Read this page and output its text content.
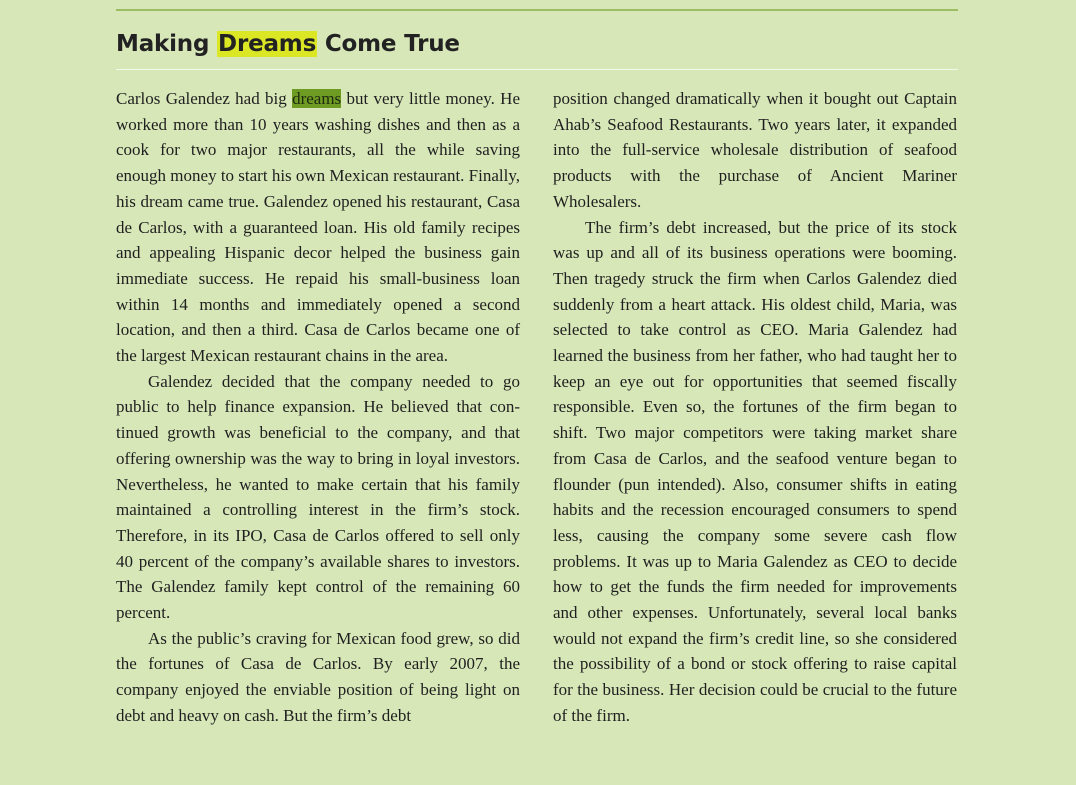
Making Dreams Come True

Carlos Galendez had big dreams but very little money. He worked more than 10 years washing dishes and then as a cook for two major restaurants, all the while saving enough money to start his own Mexican restaurant. Finally, his dream came true. Galendez opened his restaurant, Casa de Carlos, with a guaranteed loan. His old family recipes and appealing Hispanic decor helped the business gain immediate success. He repaid his small-business loan within 14 months and immediately opened a second location, and then a third. Casa de Carlos became one of the largest Mexican restaurant chains in the area.

Galendez decided that the company needed to go public to help finance expansion. He believed that continued growth was beneficial to the company, and that offering ownership was the way to bring in loyal investors. Nevertheless, he wanted to make certain that his family maintained a controlling interest in the firm’s stock. Therefore, in its IPO, Casa de Carlos offered to sell only 40 percent of the company’s available shares to investors. The Galendez family kept control of the remaining 60 percent.

As the public’s craving for Mexican food grew, so did the fortunes of Casa de Carlos. By early 2007, the company enjoyed the enviable position of being light on debt and heavy on cash. But the firm’s debt

position changed dramatically when it bought out Captain Ahab’s Seafood Restaurants. Two years later, it expanded into the full-service wholesale distribution of seafood products with the purchase of Ancient Mariner Wholesalers.

The firm’s debt increased, but the price of its stock was up and all of its business operations were booming. Then tragedy struck the firm when Carlos Galendez died suddenly from a heart attack. His oldest child, Maria, was selected to take control as CEO. Maria Galendez had learned the business from her father, who had taught her to keep an eye out for opportunities that seemed fiscally responsible. Even so, the fortunes of the firm began to shift. Two major competitors were taking market share from Casa de Carlos, and the seafood venture began to flounder (pun intended). Also, consumer shifts in eating habits and the recession encouraged consumers to spend less, causing the company some severe cash flow problems. It was up to Maria Galendez as CEO to decide how to get the funds the firm needed for improvements and other expenses. Unfortunately, several local banks would not expand the firm’s credit line, so she considered the possibility of a bond or stock offering to raise capital for the business. Her decision could be crucial to the future of the firm.
